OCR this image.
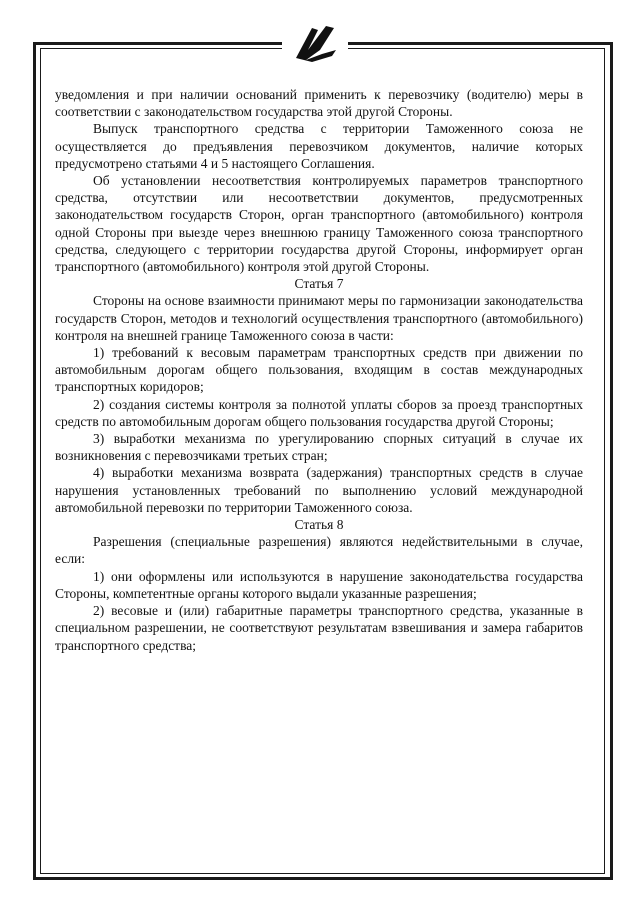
уведомления и при наличии оснований применить к перевозчику (водителю) меры в соответствии с законодательством государства этой другой Стороны.

Выпуск транспортного средства с территории Таможенного союза не осуществляется до предъявления перевозчиком документов, наличие которых предусмотрено статьями 4 и 5 настоящего Соглашения.

Об установлении несоответствия контролируемых параметров транспортного средства, отсутствии или несоответствии документов, предусмотренных законодательством государств Сторон, орган транспортного (автомобильного) контроля одной Стороны при выезде через внешнюю границу Таможенного союза транспортного средства, следующего с территории государства другой Стороны, информирует орган транспортного (автомобильного) контроля этой другой Стороны.

Статья 7

Стороны на основе взаимности принимают меры по гармонизации законодательства государств Сторон, методов и технологий осуществления транспортного (автомобильного) контроля на внешней границе Таможенного союза в части:

1) требований к весовым параметрам транспортных средств при движении по автомобильным дорогам общего пользования, входящим в состав международных транспортных коридоров;

2) создания системы контроля за полнотой уплаты сборов за проезд транспортных средств по автомобильным дорогам общего пользования государства другой Стороны;

3) выработки механизма по урегулированию спорных ситуаций в случае их возникновения с перевозчиками третьих стран;

4) выработки механизма возврата (задержания) транспортных средств в случае нарушения установленных требований по выполнению условий международной автомобильной перевозки по территории Таможенного союза.

Статья 8

Разрешения (специальные разрешения) являются недействительными в случае, если:

1) они оформлены или используются в нарушение законодательства государства Стороны, компетентные органы которого выдали указанные разрешения;

2) весовые и (или) габаритные параметры транспортного средства, указанные в специальном разрешении, не соответствуют результатам взвешивания и замера габаритов транспортного средства;
